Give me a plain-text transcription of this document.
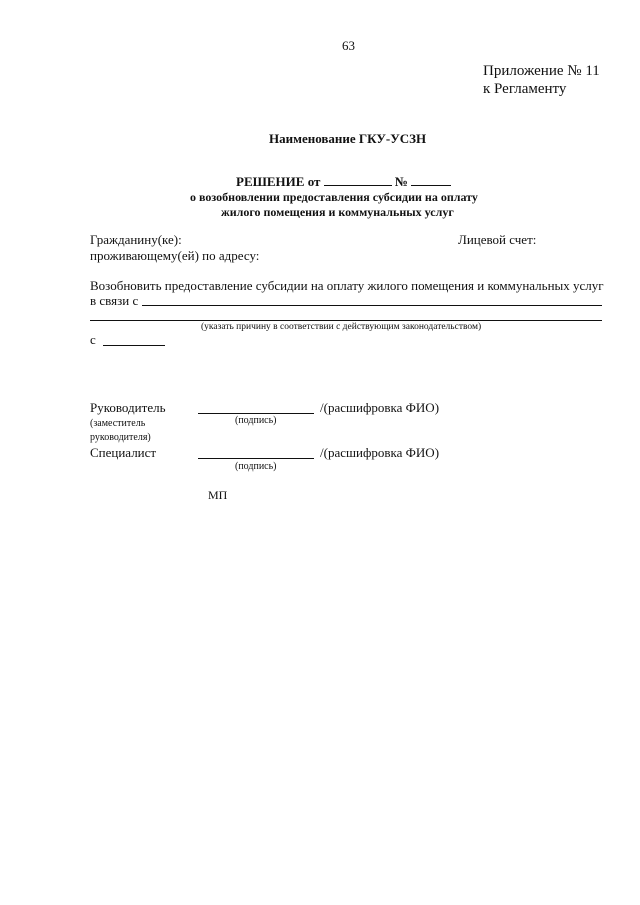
63
Приложение № 11
к Регламенту
Наименование ГКУ-УСЗН
РЕШЕНИЕ от	№
о возобновлении предоставления субсидии на оплату
жилого помещения и коммунальных услуг
Гражданину(ке):	Лицевой счет:
проживающему(ей) по адресу:
Возобновить предоставление субсидии на оплату жилого помещения и коммунальных услуг
в связи с
(указать причину в соответствии с действующим законодательством)
с
Руководитель	/(расшифровка ФИО)
(подпись)
(заместитель
руководителя)
Специалист	/(расшифровка ФИО)
(подпись)
МП
